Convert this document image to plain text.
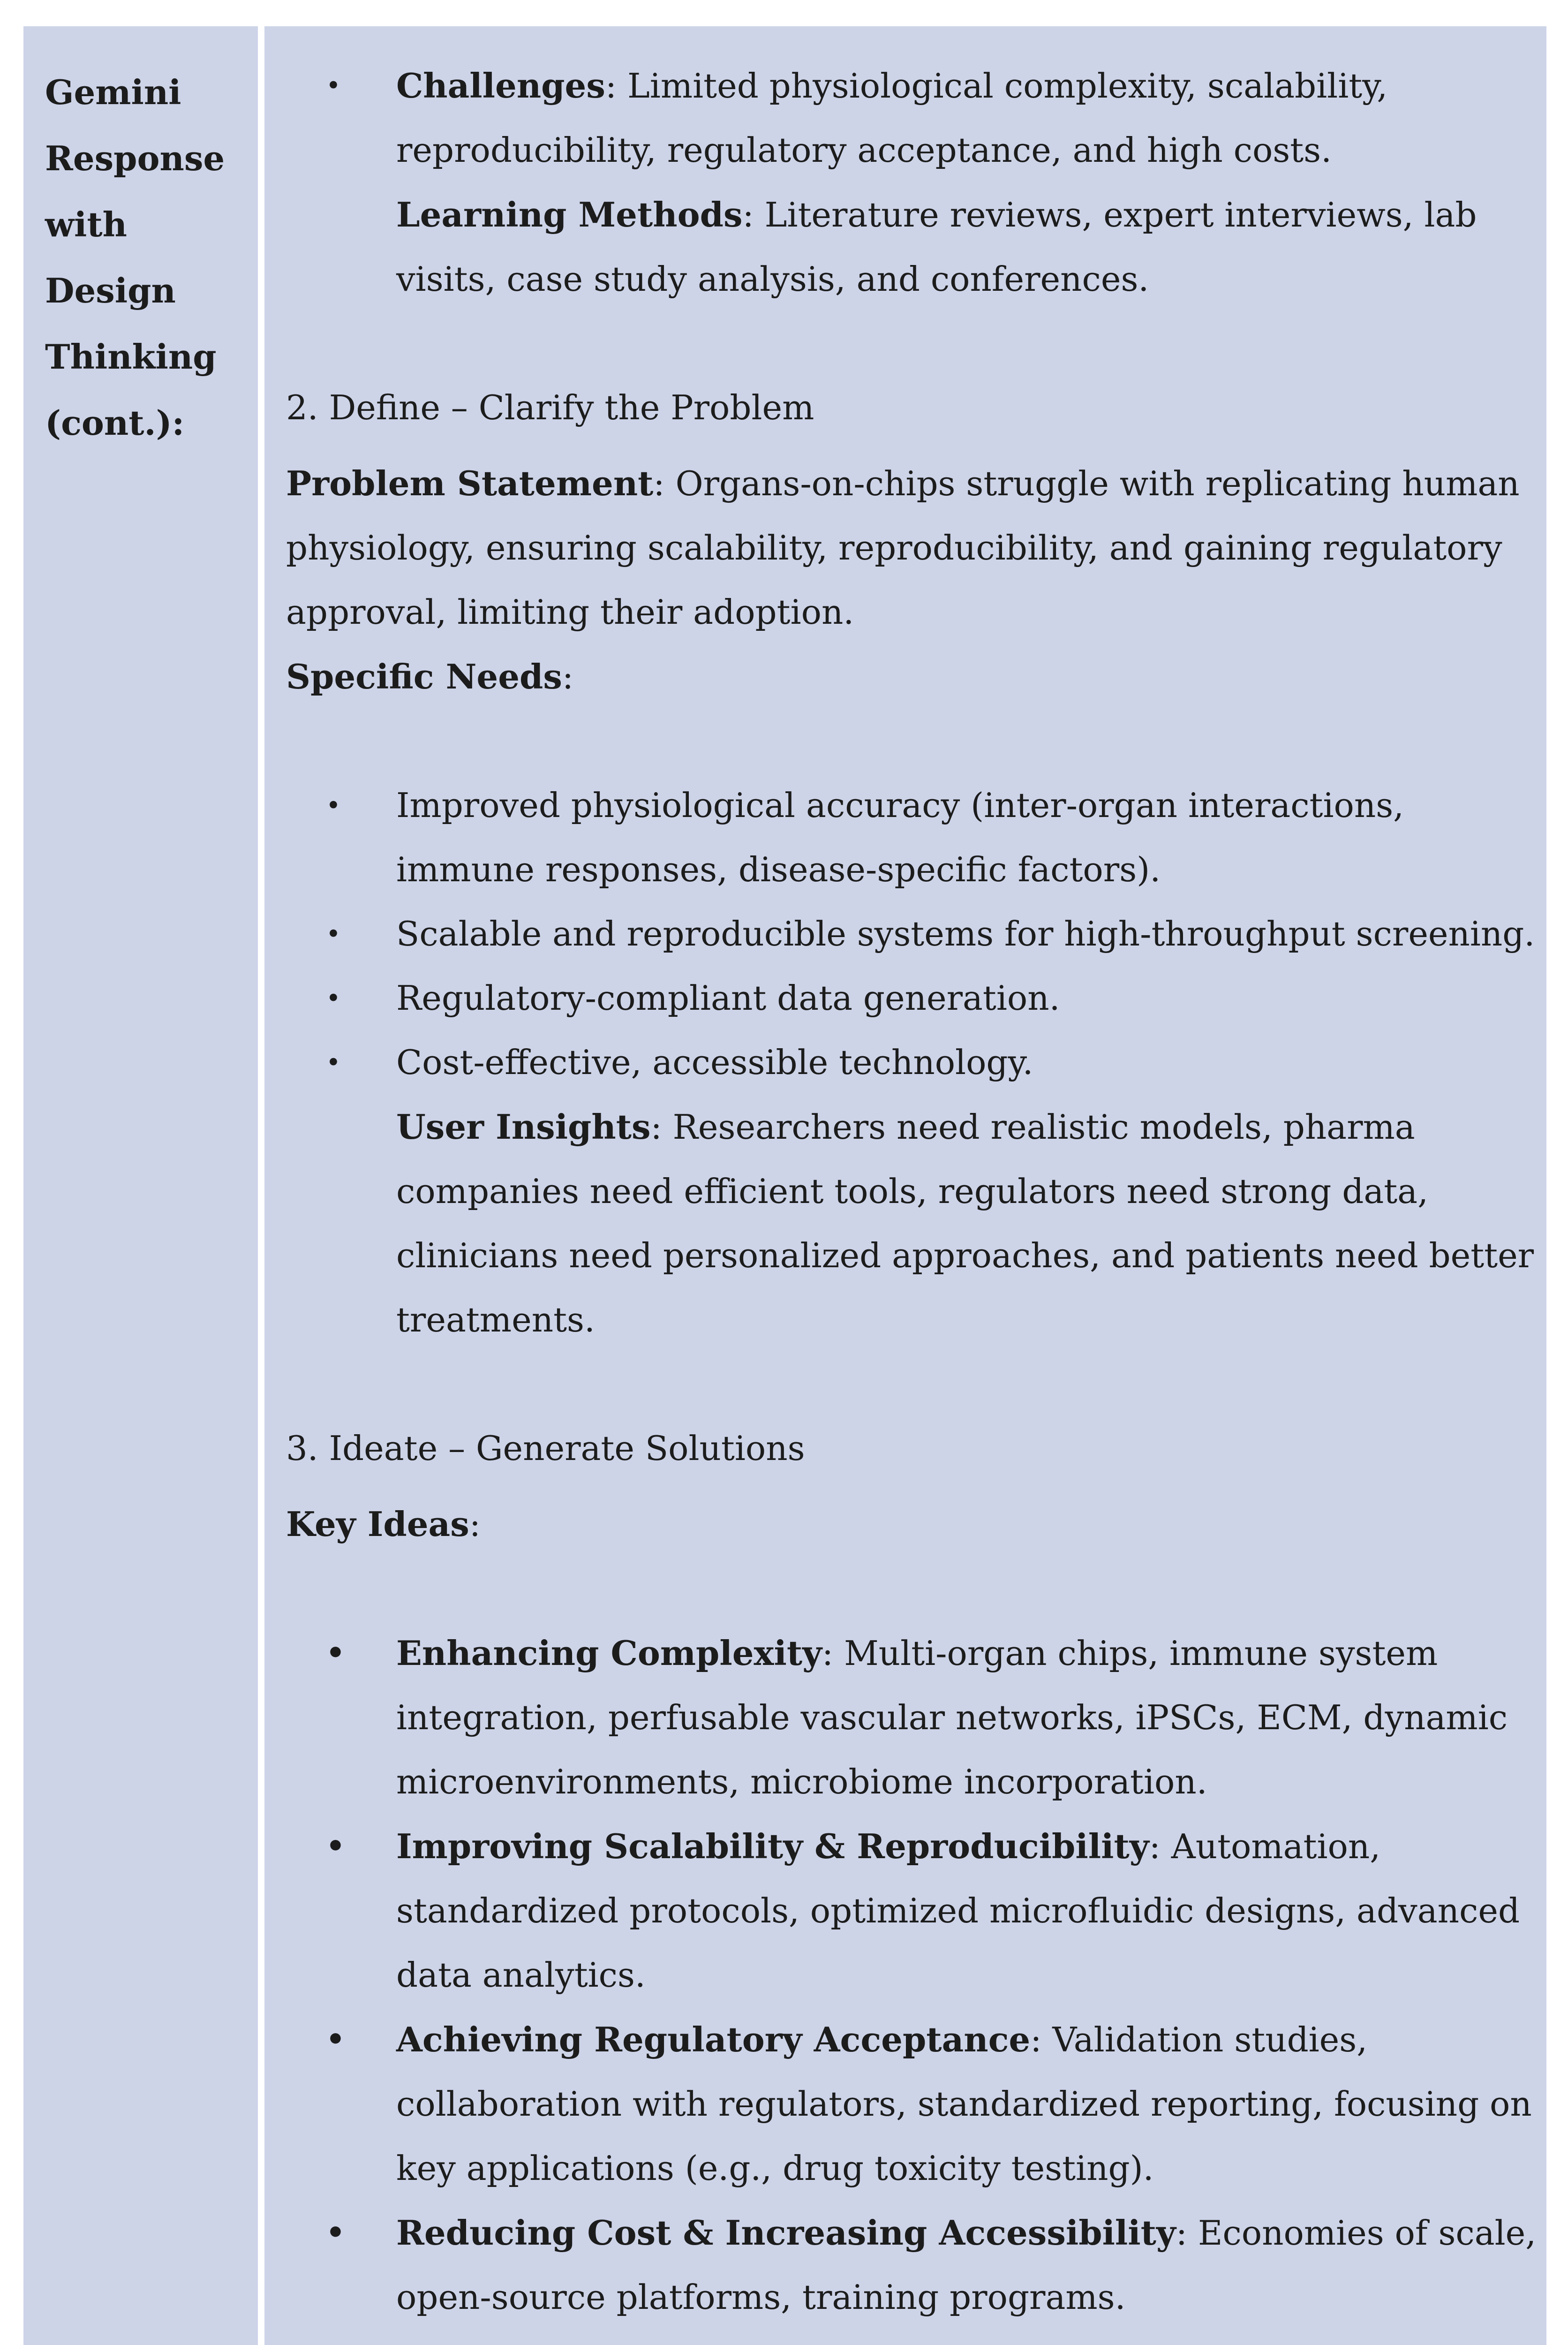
Gemini
Response
with
Design
Thinking
(cont.):
• Challenges: Limited physiological complexity, scalability, reproducibility, regulatory acceptance, and high costs.
Learning Methods: Literature reviews, expert interviews, lab visits, case study analysis, and conferences.
2. Define – Clarify the Problem

Problem Statement: Organs-on-chips struggle with replicating human physiology, ensuring scalability, reproducibility, and gaining regulatory approval, limiting their adoption.

Specific Needs:

• Improved physiological accuracy (inter-organ interactions, immune responses, disease-specific factors).
• Scalable and reproducible systems for high-throughput screening.
• Regulatory-compliant data generation.
• Cost-effective, accessible technology.
User Insights: Researchers need realistic models, pharma companies need efficient tools, regulators need strong data, clinicians need personalized approaches, and patients need better treatments.
3. Ideate – Generate Solutions

Key Ideas:

• Enhancing Complexity: Multi-organ chips, immune system integration, perfusable vascular networks, iPSCs, ECM, dynamic microenvironments, microbiome incorporation.
• Improving Scalability & Reproducibility: Automation, standardized protocols, optimized microfluidic designs, advanced data analytics.
• Achieving Regulatory Acceptance: Validation studies, collaboration with regulators, standardized reporting, focusing on key applications (e.g., drug toxicity testing).
• Reducing Cost & Increasing Accessibility: Economies of scale, open-source platforms, training programs.
